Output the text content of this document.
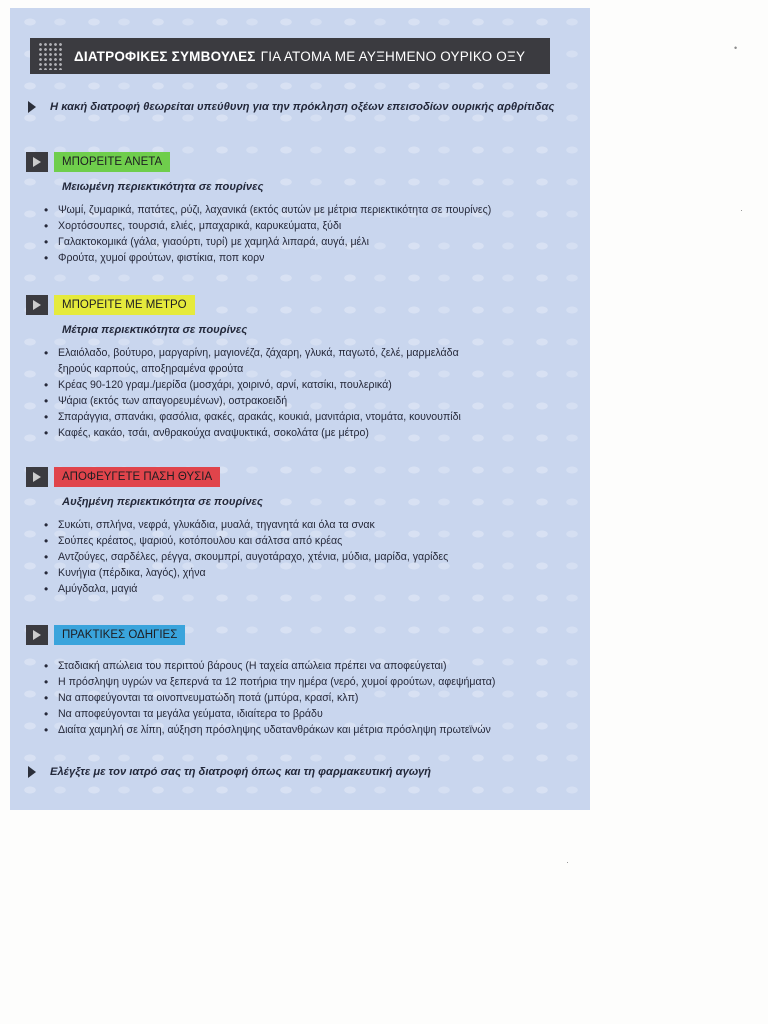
•
·
·
ΔΙΑΤΡΟΦΙΚΕΣ ΣΥΜΒΟΥΛΕΣ ΓΙΑ ΑΤΟΜΑ ΜΕ ΑΥΞΗΜΕΝΟ ΟΥΡΙΚΟ ΟΞΥ
Η κακή διατροφή θεωρείται υπεύθυνη για την πρόκληση οξέων επεισοδίων ουρικής αρθρίτιδας
ΜΠΟΡΕΙΤΕ ΑΝΕΤΑ
Μειωμένη περιεκτικότητα σε πουρίνες
• Ψωμί, ζυμαρικά, πατάτες, ρύζι, λαχανικά (εκτός αυτών με μέτρια περιεκτικότητα σε πουρίνες)
• Χορτόσουπες, τουρσιά, ελιές, μπαχαρικά, καρυκεύματα, ξύδι
• Γαλακτοκομικά (γάλα, γιαούρτι, τυρί) με χαμηλά λιπαρά, αυγά, μέλι
• Φρούτα, χυμοί φρούτων, φιστίκια, ποπ κορν
ΜΠΟΡΕΙΤΕ ΜΕ ΜΕΤΡΟ
Μέτρια περιεκτικότητα σε πουρίνες
• Ελαιόλαδο, βούτυρο, μαργαρίνη, μαγιονέζα, ζάχαρη, γλυκά, παγωτό, ζελέ, μαρμελάδα
ξηρούς καρπούς, αποξηραμένα φρούτα
• Κρέας 90-120 γραμ./μερίδα (μοσχάρι, χοιρινό, αρνί, κατσίκι, πουλερικά)
• Ψάρια (εκτός των απαγορευμένων), οστρακοειδή
• Σπαράγγια, σπανάκι, φασόλια, φακές, αρακάς, κουκιά, μανιτάρια, ντομάτα, κουνουπίδι
• Καφές, κακάο, τσάι, ανθρακούχα αναψυκτικά, σοκολάτα (με μέτρο)
ΑΠΟΦΕΥΓΕΤΕ ΠΑΣΗ ΘΥΣΙΑ
Αυξημένη περιεκτικότητα σε πουρίνες
• Συκώτι, σπλήνα, νεφρά, γλυκάδια, μυαλά, τηγανητά και όλα τα σνακ
• Σούπες κρέατος, ψαριού, κοτόπουλου και σάλτσα από κρέας
• Αντζούγες, σαρδέλες, ρέγγα, σκουμπρί, αυγοτάραχο, χτένια, μύδια, μαρίδα, γαρίδες
• Κυνήγια (πέρδικα, λαγός), χήνα
• Αμύγδαλα, μαγιά
ΠΡΑΚΤΙΚΕΣ ΟΔΗΓΙΕΣ
• Σταδιακή απώλεια του περιττού βάρους (Η ταχεία απώλεια πρέπει να αποφεύγεται)
• Η πρόσληψη υγρών να ξεπερνά τα 12 ποτήρια την ημέρα (νερό, χυμοί φρούτων, αφεψήματα)
• Να αποφεύγονται τα οινοπνευματώδη ποτά (μπύρα, κρασί, κλπ)
• Να αποφεύγονται τα μεγάλα γεύματα, ιδιαίτερα το βράδυ
• Διαίτα χαμηλή σε λίπη, αύξηση πρόσληψης υδατανθράκων και μέτρια πρόσληψη πρωτεϊνών
Ελέγξτε με τον ιατρό σας τη διατροφή όπως και τη φαρμακευτική αγωγή
